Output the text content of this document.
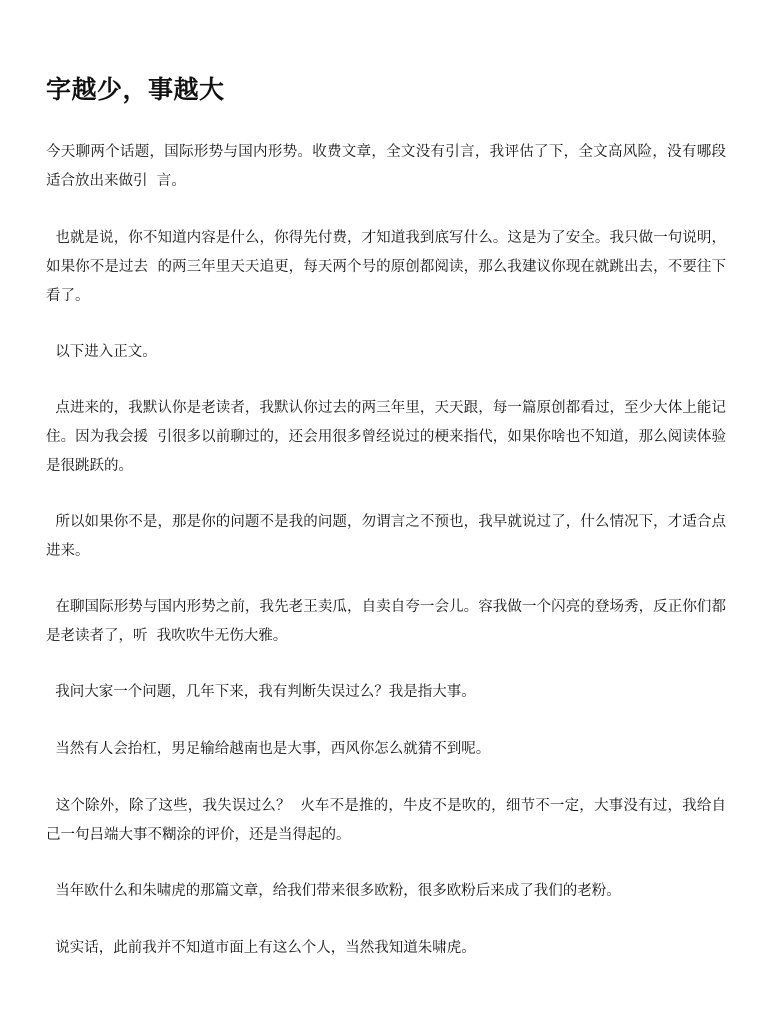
字越少，事越大

今天聊两个话题，国际形势与国内形势。收费文章，全文没有引言，我评估了下，全文高风险，没有哪段适合放出来做引  言。

也就是说，你不知道内容是什么，你得先付费，才知道我到底写什么。这是为了安全。我只做一句说明，如果你不是过去  的两三年里天天追更，每天两个号的原创都阅读，那么我建议你现在就跳出去，不要往下看了。

以下进入正文。

点进来的，我默认你是老读者，我默认你过去的两三年里，天天跟，每一篇原创都看过，至少大体上能记住。因为我会援  引很多以前聊过的，还会用很多曾经说过的梗来指代，如果你啥也不知道，那么阅读体验是很跳跃的。

所以如果你不是，那是你的问题不是我的问题，勿谓言之不预也，我早就说过了，什么情况下，才适合点进来。

在聊国际形势与国内形势之前，我先老王卖瓜，自卖自夸一会儿。容我做一个闪亮的登场秀，反正你们都是老读者了，听  我吹吹牛无伤大雅。

我问大家一个问题，几年下来，我有判断失误过么？我是指大事。

当然有人会抬杠，男足输给越南也是大事，西风你怎么就猜不到呢。

这个除外，除了这些，我失误过么？  火车不是推的，牛皮不是吹的，细节不一定，大事没有过，我给自己一句吕端大事不糊涂的评价，还是当得起的。

当年欧什么和朱啸虎的那篇文章，给我们带来很多欧粉，很多欧粉后来成了我们的老粉。

说实话，此前我并不知道市面上有这么个人，当然我知道朱啸虎。
